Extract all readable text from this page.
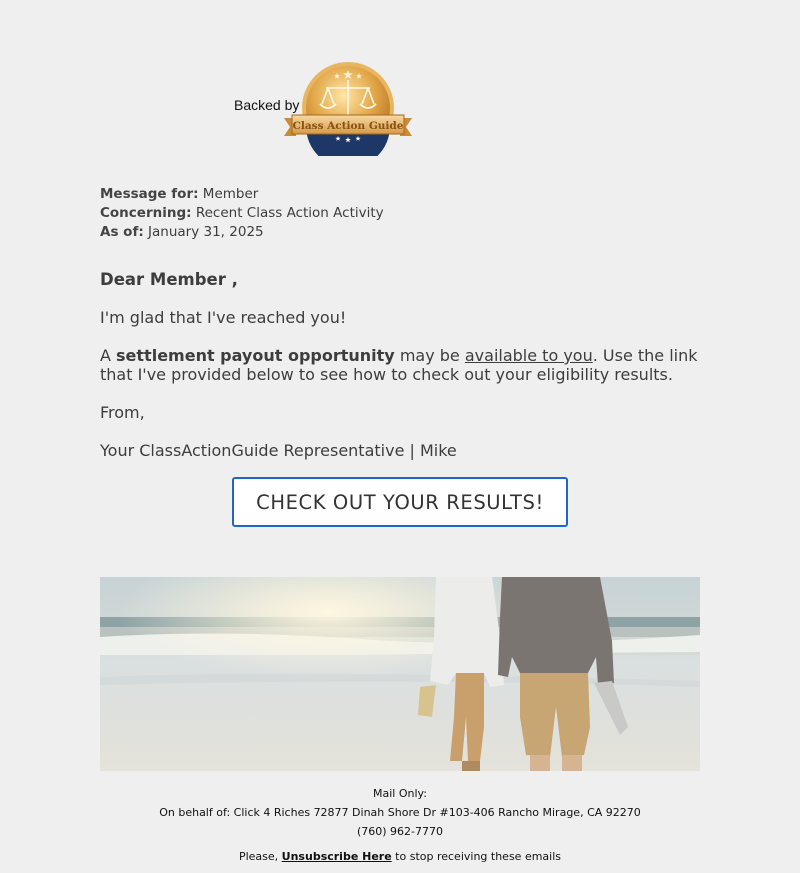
Backed by
Class Action Guide
Message for: Member
Concerning: Recent Class Action Activity
As of: January 31, 2025

Dear Member ,

I'm glad that I've reached you!

A settlement payout opportunity may be available to you. Use the link that I've provided below to see how to check out your eligibility results.

From,

Your ClassActionGuide Representative | Mike

CHECK OUT YOUR RESULTS!
Mail Only:
On behalf of: Click 4 Riches 72877 Dinah Shore Dr #103-406 Rancho Mirage, CA 92270
(760) 962-7770
Please, Unsubscribe Here to stop receiving these emails
